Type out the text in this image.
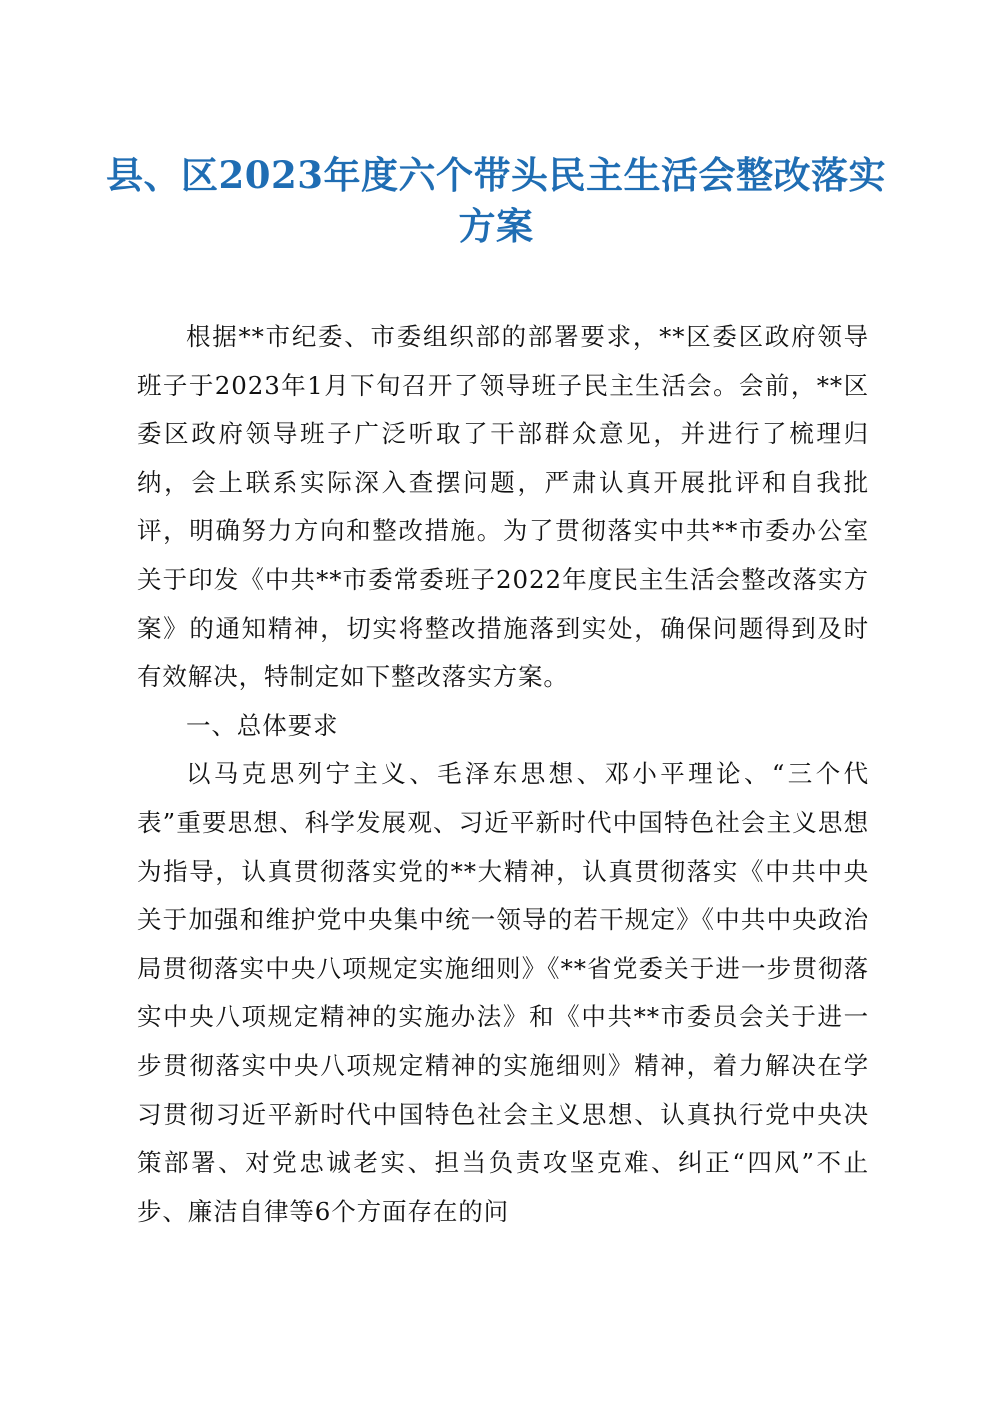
县、区2023年度六个带头民主生活会整改落实方案

根据**市纪委、市委组织部的部署要求，**区委区政府领导班子于2023年1月下旬召开了领导班子民主生活会。会前，**区委区政府领导班子广泛听取了干部群众意见，并进行了梳理归纳，会上联系实际深入查摆问题，严肃认真开展批评和自我批评，明确努力方向和整改措施。为了贯彻落实中共**市委办公室关于印发《中共**市委常委班子2022年度民主生活会整改落实方案》的通知精神，切实将整改措施落到实处，确保问题得到及时有效解决，特制定如下整改落实方案。

一、总体要求

以马克思列宁主义、毛泽东思想、邓小平理论、“三个代表”重要思想、科学发展观、习近平新时代中国特色社会主义思想为指导，认真贯彻落实党的**大精神，认真贯彻落实《中共中央关于加强和维护党中央集中统一领导的若干规定》《中共中央政治局贯彻落实中央八项规定实施细则》《**省党委关于进一步贯彻落实中央八项规定精神的实施办法》和《中共**市委员会关于进一步贯彻落实中央八项规定精神的实施细则》精神，着力解决在学习贯彻习近平新时代中国特色社会主义思想、认真执行党中央决策部署、对党忠诚老实、担当负责攻坚克难、纠正“四风”不止步、廉洁自律等6个方面存在的问
